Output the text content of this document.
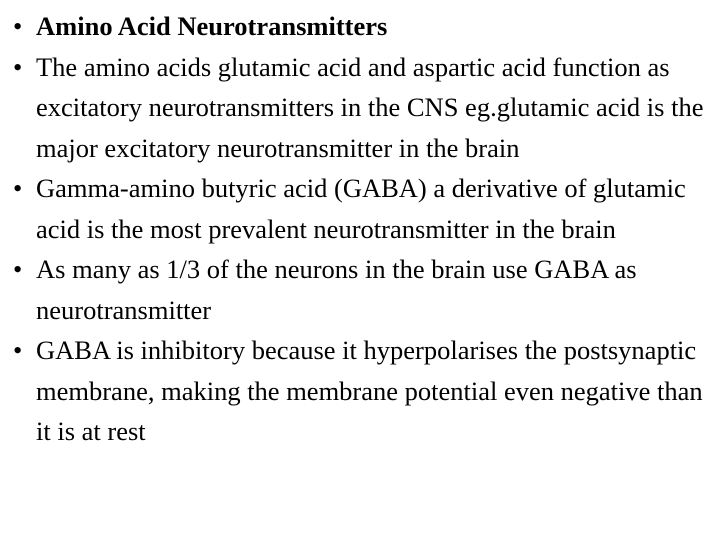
• Amino Acid Neurotransmitters
• The amino acids glutamic acid and aspartic acid function as excitatory neurotransmitters in the CNS eg.glutamic acid is the major excitatory neurotransmitter in the brain
• Gamma-amino butyric acid (GABA) a derivative of glutamic acid is the most prevalent neurotransmitter in the brain
• As many as 1/3 of the neurons in the brain use GABA as neurotransmitter
• GABA is inhibitory because it hyperpolarises the postsynaptic membrane, making the membrane potential even negative than it is at rest
